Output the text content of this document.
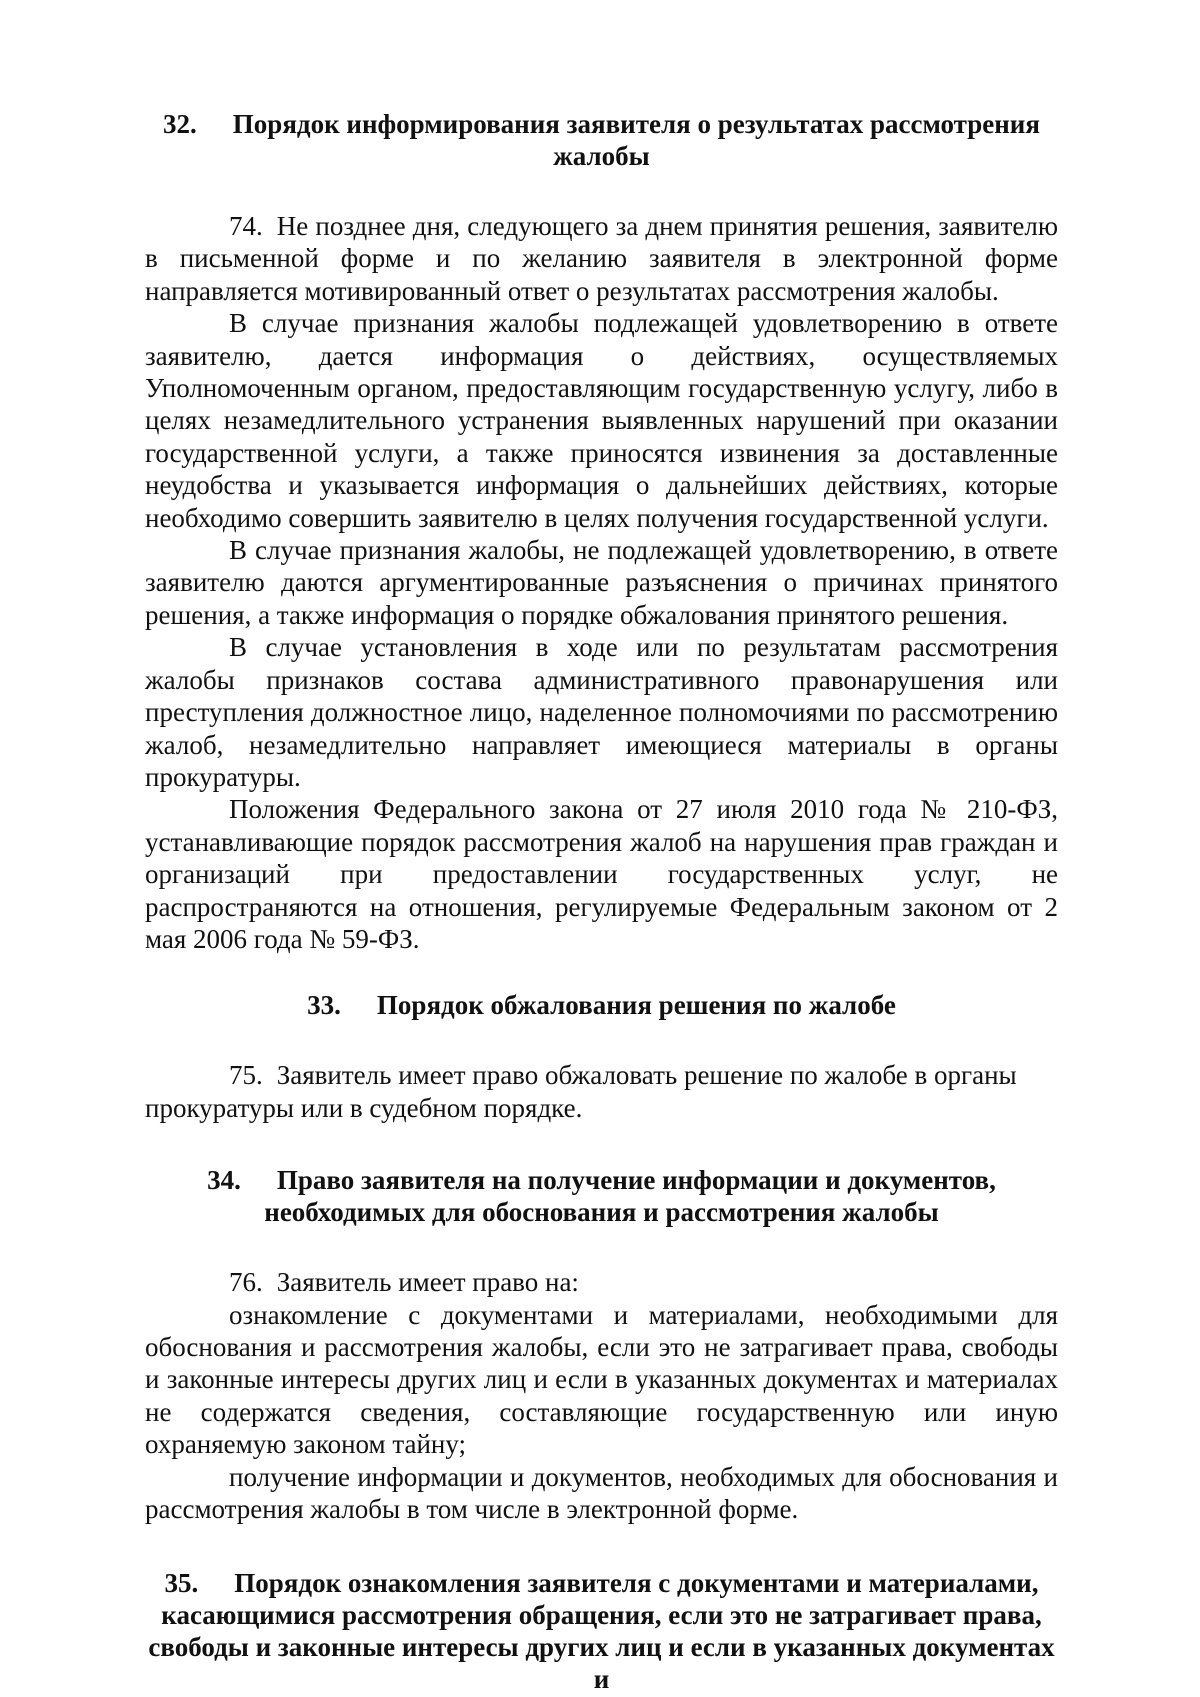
32. Порядок информирования заявителя о результатах рассмотрения
жалобы

74. Не позднее дня, следующего за днем принятия решения, заявителю в письменной форме и по желанию заявителя в электронной форме направляется мотивированный ответ о результатах рассмотрения жалобы.

В случае признания жалобы подлежащей удовлетворению в ответе заявителю, дается информация о действиях, осуществляемых Уполномоченным органом, предоставляющим государственную услугу, либо в целях незамедлительного устранения выявленных нарушений при оказании государственной услуги, а также приносятся извинения за доставленные неудобства и указывается информация о дальнейших действиях, которые необходимо совершить заявителю в целях получения государственной услуги.

В случае признания жалобы, не подлежащей удовлетворению, в ответе заявителю даются аргументированные разъяснения о причинах принятого решения, а также информация о порядке обжалования принятого решения.

В случае установления в ходе или по результатам рассмотрения жалобы признаков состава административного правонарушения или преступления должностное лицо, наделенное полномочиями по рассмотрению жалоб, незамедлительно направляет имеющиеся материалы в органы прокуратуры.

Положения Федерального закона от 27 июля 2010 года № 210-ФЗ, устанавливающие порядок рассмотрения жалоб на нарушения прав граждан и организаций при предоставлении государственных услуг, не распространяются на отношения, регулируемые Федеральным законом от 2 мая 2006 года № 59-ФЗ.

33. Порядок обжалования решения по жалобе

75. Заявитель имеет право обжаловать решение по жалобе в органы прокуратуры или в судебном порядке.

34. Право заявителя на получение информации и документов,
необходимых для обоснования и рассмотрения жалобы

76. Заявитель имеет право на:

ознакомление с документами и материалами, необходимыми для обоснования и рассмотрения жалобы, если это не затрагивает права, свободы и законные интересы других лиц и если в указанных документах и материалах не содержатся сведения, составляющие государственную или иную охраняемую законом тайну;

получение информации и документов, необходимых для обоснования и рассмотрения жалобы в том числе в электронной форме.

35. Порядок ознакомления заявителя с документами и материалами,
касающимися рассмотрения обращения, если это не затрагивает права,
свободы и законные интересы других лиц и если в указанных документах и
